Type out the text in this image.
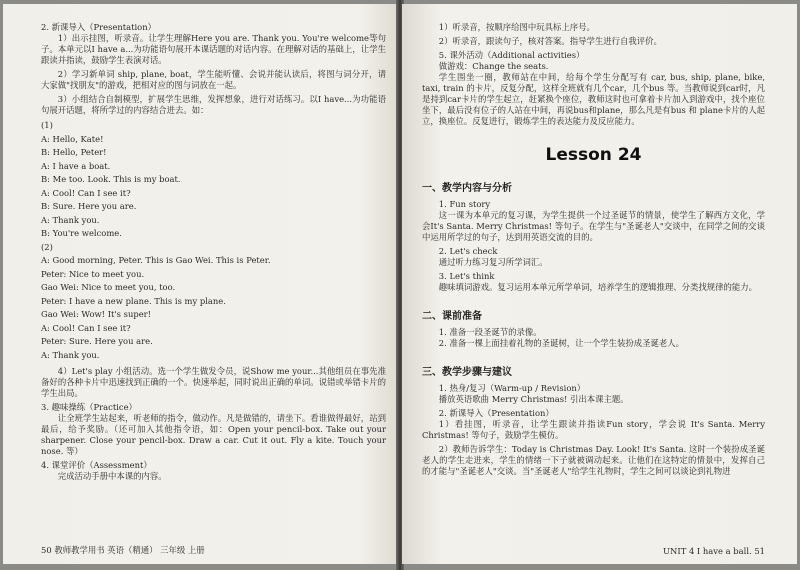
2. 新课导入（Presentation）

1）出示挂图，听录音。让学生理解Here you are. Thank you. You're welcome等句子。本单元以I have a...为功能语句展开本课话题的对话内容。在理解对话的基础上，让学生跟读并指读，鼓励学生表演对话。

2）学习新单词 ship, plane, boat，学生能听懂、会说并能认读后，将图与词分开，请大家做"找朋友"的游戏，把相对应的图与词放在一起。

3）小组结合自制模型，扩展学生思维，发挥想象，进行对话练习。以I have...为功能语句展开话题，将所学过的内容结合进去。如：

(1)

A: Hello, Kate!

B: Hello, Peter!

A: I have a boat.

B: Me too. Look. This is my boat.

A: Cool! Can I see it?

B: Sure. Here you are.

A: Thank you.

B: You're welcome.

(2)

A: Good morning, Peter. This is Gao Wei. This is Peter.

Peter: Nice to meet you.

Gao Wei: Nice to meet you, too.

Peter: I have a new plane. This is my plane.

Gao Wei: Wow! It's super!

A: Cool! Can I see it?

Peter: Sure. Here you are.

A: Thank you.

4）Let's play 小组活动。选一个学生做发令员，说Show me your...其他组员在事先准备好的各种卡片中迅速找到正确的一个。快速举起，同时说出正确的单词。说错或举错卡片的学生出局。

3. 趣味操练（Practice）

让全班学生站起来，听老师的指令，做动作。凡是做错的，请坐下。看谁做得最好，站到最后，给予奖励。（还可加入其他指令语，如：Open your pencil-box. Take out your sharpener. Close your pencil-box. Draw a car. Cut it out. Fly a kite. Touch your nose. 等）

4. 课堂评价（Assessment）

完成活动手册中本课的内容。

50 教师教学用书 英语（精通） 三年级 上册

1）听录音，按顺序给图中玩具标上序号。

2）听录音，跟读句子，核对答案。指导学生进行自我评价。

5. 课外活动（Additional activities）

做游戏：Change the seats.

学生围坐一圈，教师站在中间，给每个学生分配写有 car, bus, ship, plane, bike, taxi, train 的卡片，反复分配，这样全班就有几个car，几个bus 等。当教师说到car时，凡是持到car卡片的学生起立，赶紧换个座位，教师这时也可拿着卡片加入到游戏中，找个座位坐下，最后没有位子的人站在中间，再说bus和plane，那么凡是有bus 和 plane卡片的人起立，换座位。反复进行，锻炼学生的表达能力及反应能力。

Lesson 24
一、教学内容与分析

1. Fun story

这一课为本单元的复习课，为学生提供一个过圣诞节的情景，使学生了解西方文化，学会It's Santa. Merry Christmas! 等句子。在学生与"圣诞老人"交谈中，在同学之间的交谈中运用所学过的句子，达到用英语交流的目的。

2. Let's check

通过听力练习复习所学词汇。

3. Let's think

趣味填词游戏。复习运用本单元所学单词，培养学生的逻辑推理、分类找规律的能力。

二、课前准备

1. 准备一段圣诞节的录像。

2. 准备一棵上面挂着礼物的圣诞树，让一个学生装扮成圣诞老人。

三、教学步骤与建议

1. 热身/复习（Warm-up / Revision）

播放英语歌曲 Merry Christmas! 引出本课主题。

2. 新课导入（Presentation）

1）看挂图，听录音，让学生跟读并指读Fun story，学会说 It's Santa. Merry Christmas! 等句子，鼓励学生模仿。

2）教师告诉学生：Today is Christmas Day. Look! It's Santa. 这时一个装扮成圣诞老人的学生走进来，学生的情绪一下子就被调动起来。让他们在这特定的情景中，发挥自己的才能与"圣诞老人"交谈。当"圣诞老人"给学生礼物时，学生之间可以谈论到礼物进

UNIT 4 I have a ball. 51
